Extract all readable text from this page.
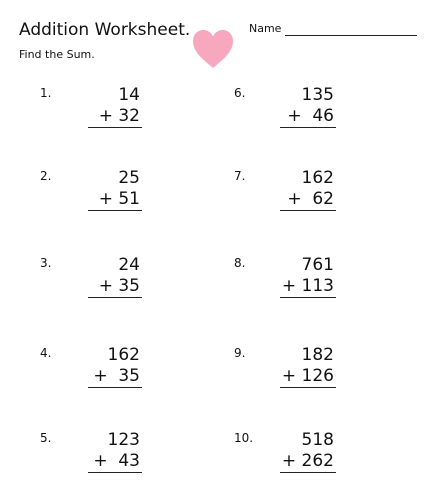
Addition Worksheet.
Find the Sum.
Name
1.	14
+ 32
2.	25
+ 51
3.	24
+ 35
4.	162
+  35
5.	123
+  43
6.	135
+  46
7.	162
+  62
8.	761
+ 113
9.	182
+ 126
10.	518
+ 262
